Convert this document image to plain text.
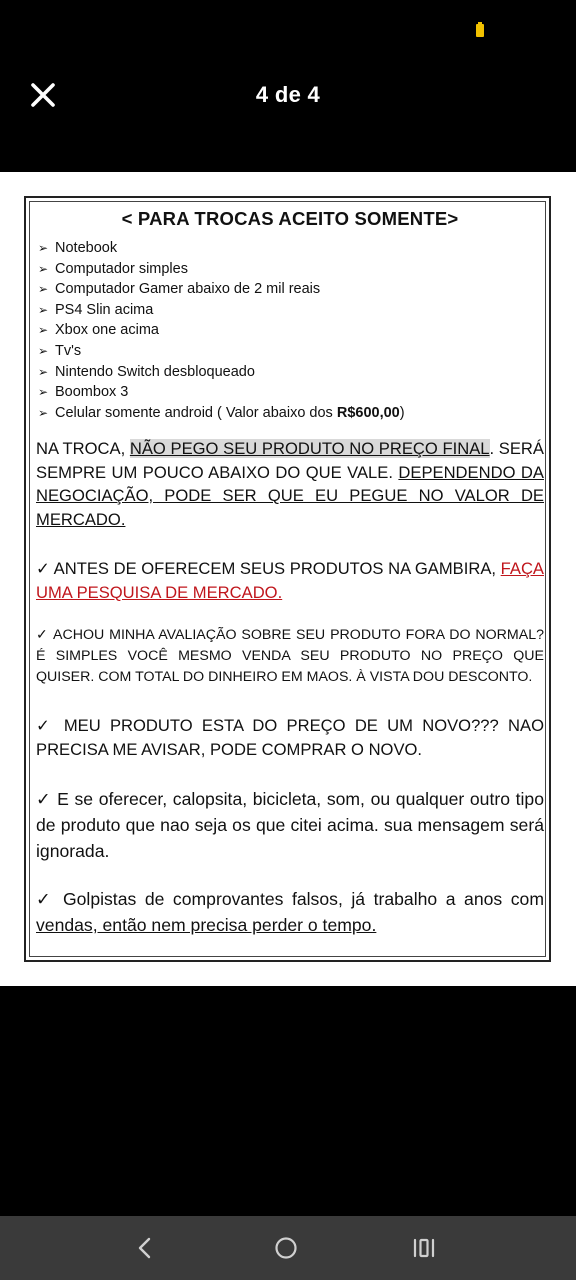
4 de 4
< PARA TROCAS ACEITO SOMENTE>
➢ Notebook
➢ Computador simples
➢ Computador Gamer abaixo de 2 mil reais
➢ PS4 Slin acima
➢ Xbox one acima
➢ Tv's
➢ Nintendo Switch desbloqueado
➢ Boombox 3
➢ Celular somente android ( Valor abaixo dos R$600,00)

NA TROCA, NÃO PEGO SEU PRODUTO NO PREÇO FINAL. SERÁ SEMPRE UM POUCO ABAIXO DO QUE VALE. DEPENDENDO DA NEGOCIAÇÃO, PODE SER QUE EU PEGUE NO VALOR DE MERCADO.

✓ ANTES DE OFERECEM SEUS PRODUTOS NA GAMBIRA, FAÇA UMA PESQUISA DE MERCADO.

✓ ACHOU MINHA AVALIAÇÃO SOBRE SEU PRODUTO FORA DO NORMAL? É SIMPLES VOCÊ MESMO VENDA SEU PRODUTO NO PREÇO QUE QUISER. COM TOTAL DO DINHEIRO EM MAOS. À VISTA DOU DESCONTO.

✓ MEU PRODUTO ESTA DO PREÇO DE UM NOVO??? NAO PRECISA ME AVISAR, PODE COMPRAR O NOVO.

✓ E se oferecer, calopsita, bicicleta, som, ou qualquer outro tipo de produto que nao seja os que citei acima. sua mensagem será ignorada.

✓ Golpistas de comprovantes falsos, já trabalho a anos com vendas, então nem precisa perder o tempo.
